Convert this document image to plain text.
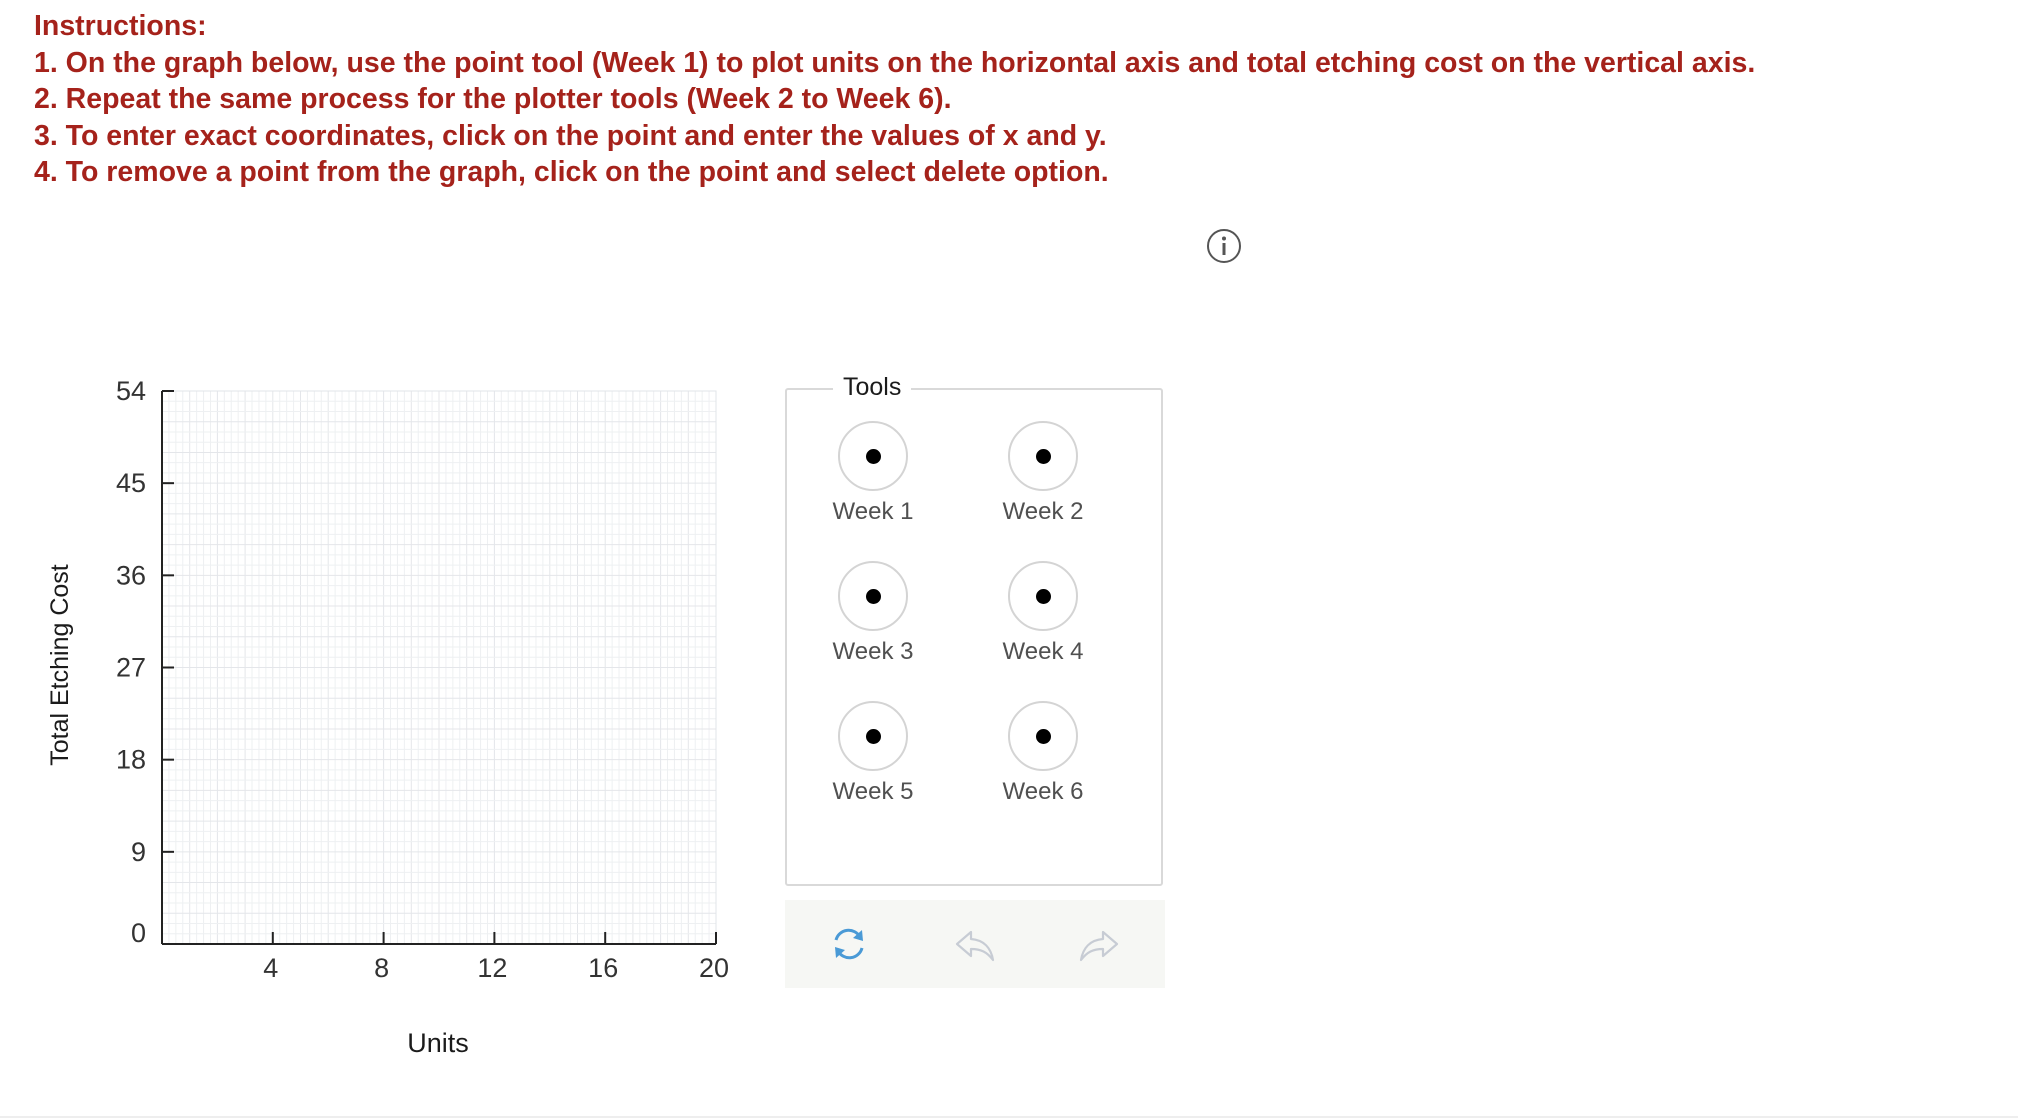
Instructions:
1. On the graph below, use the point tool (Week 1) to plot units on the horizontal axis and total etching cost on the vertical axis.
2. Repeat the same process for the plotter tools (Week 2 to Week 6).
3. To enter exact coordinates, click on the point and enter the values of x and y.
4. To remove a point from the graph, click on the point and select delete option.
0
9
18
27
36
45
54
4	8	12	16	20
Units
Total Etching Cost
Tools
Week 1	Week 2
Week 3	Week 4
Week 5	Week 6
